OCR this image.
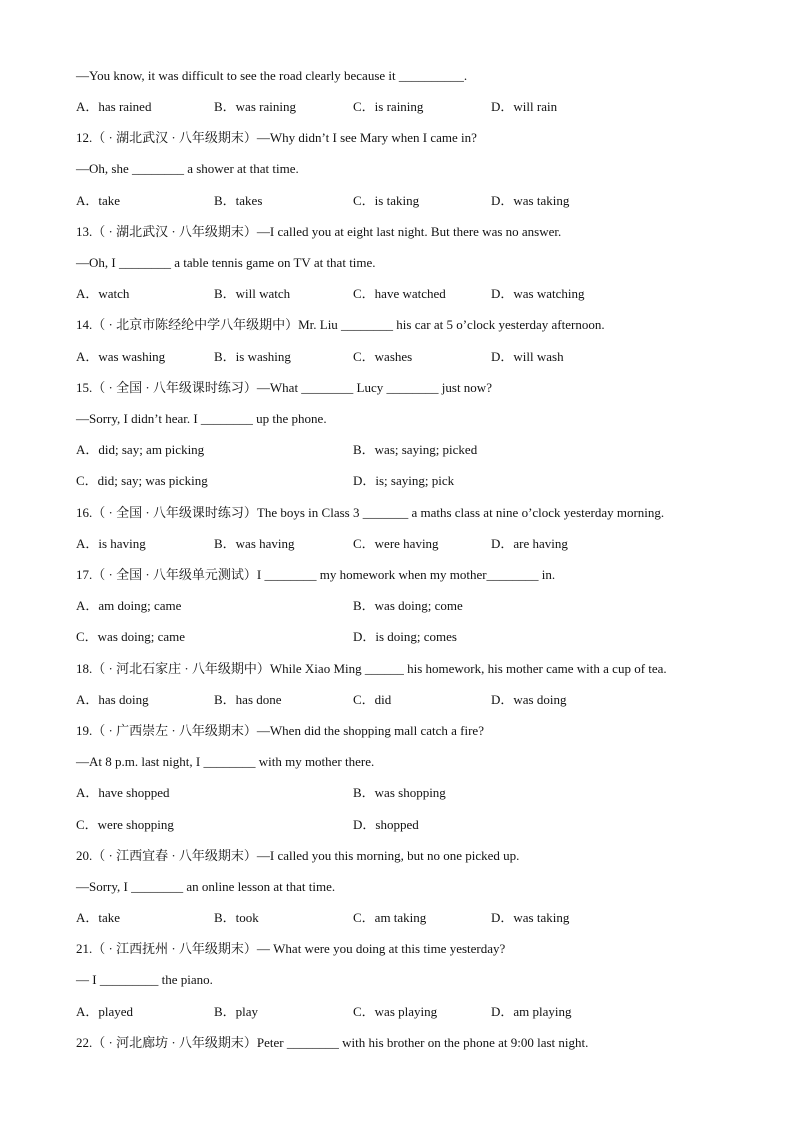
—You know, it was difficult to see the road clearly because it __________.
A．has rained	B．was raining	C．is raining	D．will rain
12.（ · 湖北武汉 · 八年级期末）—Why didn’t I see Mary when I came in?
—Oh, she ________ a shower at that time.
A．take	B．takes	C．is taking	D．was taking
13.（ · 湖北武汉 · 八年级期末）—I called you at eight last night. But there was no answer.
—Oh, I ________ a table tennis game on TV at that time.
A．watch	B．will watch	C．have watched	D．was watching
14.（ · 北京市陈经纶中学八年级期中）Mr. Liu ________ his car at 5 o’clock yesterday afternoon.
A．was washing	B．is washing	C．washes	D．will wash
15.（ · 全国 · 八年级课时练习）—What ________ Lucy ________ just now?
—Sorry, I didn’t hear. I ________ up the phone.
A．did; say; am picking	B．was; saying; picked
C．did; say; was picking	D．is; saying; pick
16.（ · 全国 · 八年级课时练习）The boys in Class 3 _______ a maths class at nine o’clock yesterday morning.
A．is having	B．was having	C．were having	D．are having
17.（ · 全国 · 八年级单元测试）I ________ my homework when my mother________ in.
A．am doing; came	B．was doing; come
C．was doing; came	D．is doing; comes
18.（ · 河北石家庄 · 八年级期中）While Xiao Ming ______ his homework, his mother came with a cup of tea.
A．has doing	B．has done	C．did	D．was doing
19.（ · 广西崇左 · 八年级期末）—When did the shopping mall catch a fire?
—At 8 p.m. last night, I ________ with my mother there.
A．have shopped	B．was shopping
C．were shopping	D．shopped
20.（ · 江西宜春 · 八年级期末）—I called you this morning, but no one picked up.
—Sorry, I ________ an online lesson at that time.
A．take	B．took	C．am taking	D．was taking
21.（ · 江西抚州 · 八年级期末）— What were you doing at this time yesterday?
— I _________ the piano.
A．played	B．play	C．was playing	D．am playing
22.（ · 河北廊坊 · 八年级期末）Peter ________ with his brother on the phone at 9:00 last night.
